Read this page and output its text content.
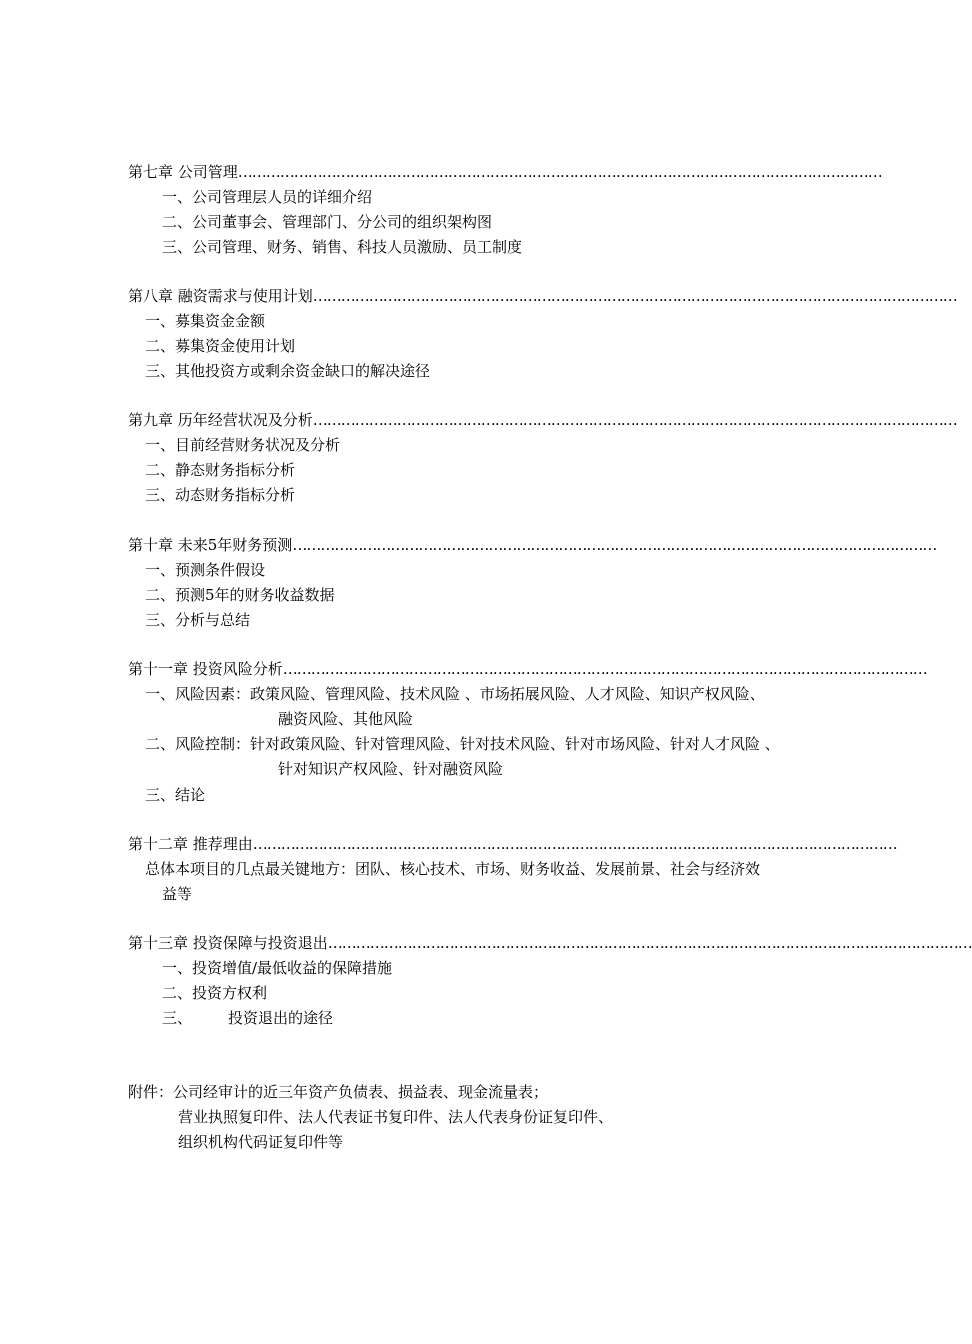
第七章 公司管理…………………………………………………………………………………………………………………………
一、公司管理层人员的详细介绍
二、公司董事会、管理部门、分公司的组织架构图
三、公司管理、财务、销售、科技人员激励、员工制度
第八章 融资需求与使用计划…………………………………………………………………………………………………………………………
一、募集资金金额
二、募集资金使用计划
三、其他投资方或剩余资金缺口的解决途径
第九章 历年经营状况及分析…………………………………………………………………………………………………………………………
一、目前经营财务状况及分析
二、静态财务指标分析
三、动态财务指标分析
第十章 未来5年财务预测…………………………………………………………………………………………………………………………
一、预测条件假设
二、预测5年的财务收益数据
三、分析与总结
第十一章 投资风险分析…………………………………………………………………………………………………………………………
一、风险因素：政策风险、管理风险、技术风险 、市场拓展风险、人才风险、知识产权风险、
融资风险、其他风险
二、风险控制：针对政策风险、针对管理风险、针对技术风险、针对市场风险、针对人才风险 、
针对知识产权风险、针对融资风险
三、结论
第十二章 推荐理由…………………………………………………………………………………………………………………………
总体本项目的几点最关键地方：团队、核心技术、市场、财务收益、发展前景、社会与经济效
益等
第十三章 投资保障与投资退出…………………………………………………………………………………………………………………………
一、投资增值/最低收益的保障措施
二、投资方权利
三、 投资退出的途径
附件：公司经审计的近三年资产负债表、损益表、现金流量表；
营业执照复印件、法人代表证书复印件、法人代表身份证复印件、
组织机构代码证复印件等
